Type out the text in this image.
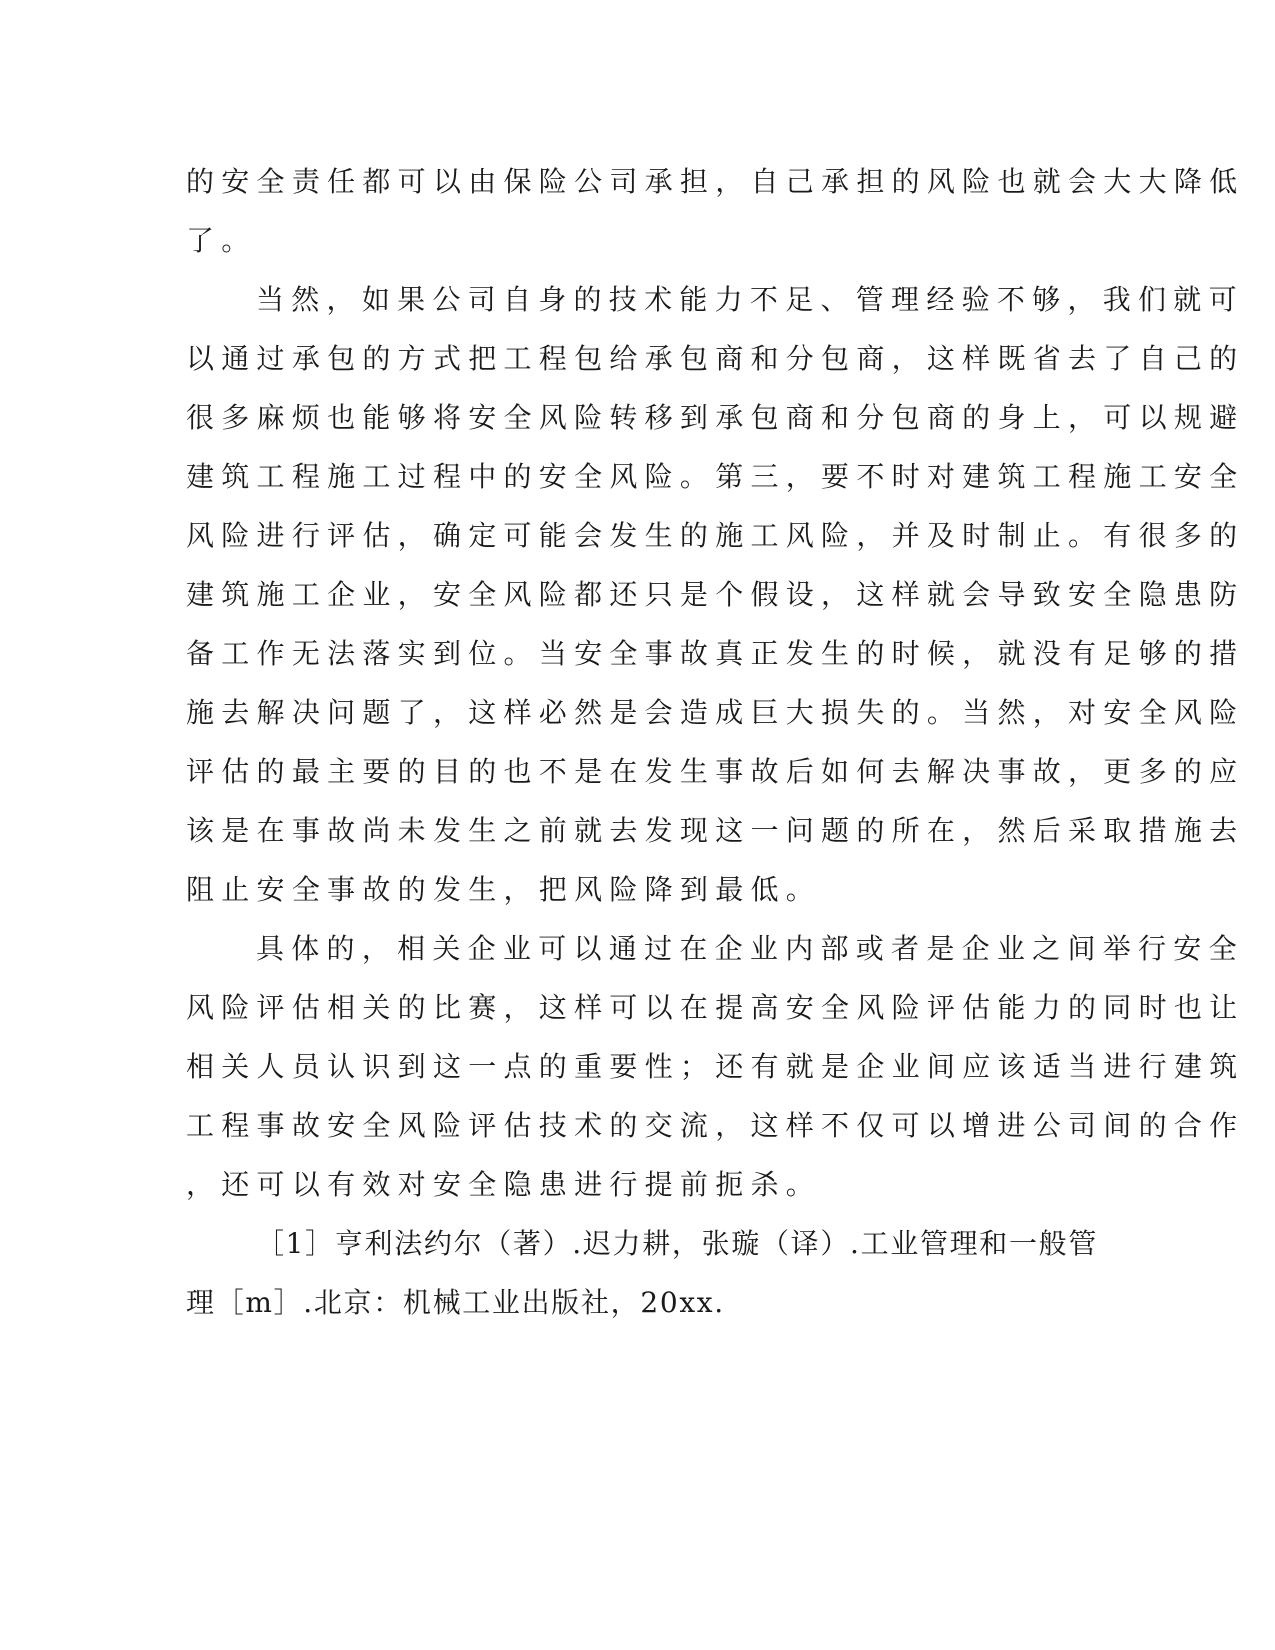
的安全责任都可以由保险公司承担，自己承担的风险也就会大大降低
了。
当然，如果公司自身的技术能力不足、管理经验不够，我们就可
以通过承包的方式把工程包给承包商和分包商，这样既省去了自己的
很多麻烦也能够将安全风险转移到承包商和分包商的身上，可以规避
建筑工程施工过程中的安全风险。第三，要不时对建筑工程施工安全
风险进行评估，确定可能会发生的施工风险，并及时制止。有很多的
建筑施工企业，安全风险都还只是个假设，这样就会导致安全隐患防
备工作无法落实到位。当安全事故真正发生的时候，就没有足够的措
施去解决问题了，这样必然是会造成巨大损失的。当然，对安全风险
评估的最主要的目的也不是在发生事故后如何去解决事故，更多的应
该是在事故尚未发生之前就去发现这一问题的所在，然后采取措施去
阻止安全事故的发生，把风险降到最低。
具体的，相关企业可以通过在企业内部或者是企业之间举行安全
风险评估相关的比赛，这样可以在提高安全风险评估能力的同时也让
相关人员认识到这一点的重要性；还有就是企业间应该适当进行建筑
工程事故安全风险评估技术的交流，这样不仅可以增进公司间的合作
，还可以有效对安全隐患进行提前扼杀。
［1］亨利法约尔（著）.迟力耕，张璇（译）.工业管理和一般管
理［m］.北京：机械工业出版社，20xx.
